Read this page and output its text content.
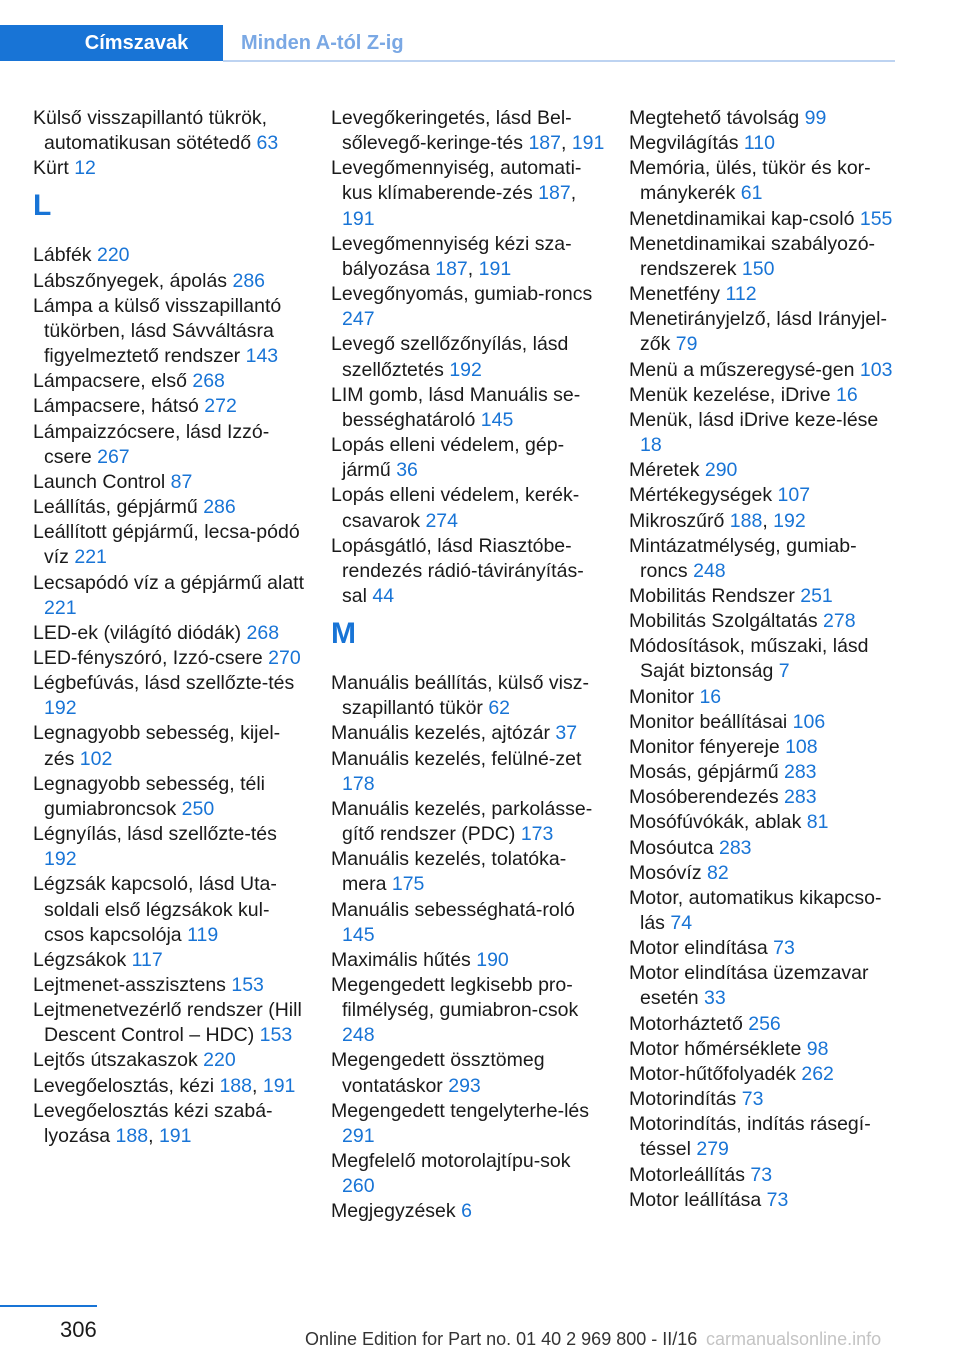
Címszavak	Minden A-tól Z-ig

Külső visszapillantó tükrök, automatikusan sötétedő 63

Kürt 12

L

Lábfék 220

Lábszőnyegek, ápolás 286

Lámpa a külső visszapillantó tükörben, lásd Sávváltásra figyelmeztető rendszer 143

Lámpacsere, első 268

Lámpacsere, hátsó 272

Lámpaizzócsere, lásd Izzó‐csere 267

Launch Control 87

Leállítás, gépjármű 286

Leállított gépjármű, lecsa‐pódó víz 221

Lecsapódó víz a gépjármű alatt 221

LED-ek (világító diódák) 268

LED-fényszóró, Izzó‐csere 270

Légbefúvás, lásd szellőzte‐tés 192

Legnagyobb sebesség, kijel‐zés 102

Legnagyobb sebesség, téli gumiabroncsok 250

Légnyílás, lásd szellőzte‐tés 192

Légzsák kapcsoló, lásd Uta‐soldali első légzsákok kul‐csos kapcsolója 119

Légzsákok 117

Lejtmenet-asszisztens 153

Lejtmenetvezérlő rendszer (Hill Descent Control – HDC) 153

Lejtős útszakaszok 220

Levegőelosztás, kézi 188, 191

Levegőelosztás kézi szabá‐lyozása 188, 191

Levegőkeringetés, lásd Bel‐sőlevegő-keringe‐tés 187, 191

Levegőmennyiség, automati‐kus klímaberende‐zés 187, 191

Levegőmennyiség kézi sza‐bályozása 187, 191

Levegőnyomás, gumiab‐roncs 247

Levegő szellőzőnyílás, lásd szellőztetés 192

LIM gomb, lásd Manuális se‐bességhatároló 145

Lopás elleni védelem, gép‐jármű 36

Lopás elleni védelem, kerék‐csavarok 274

Lopásgátló, lásd Riasztóbe‐rendezés rádió-távirányítás‐sal 44

M

Manuális beállítás, külső visz‐szapillantó tükör 62

Manuális kezelés, ajtózár 37

Manuális kezelés, felülné‐zet 178

Manuális kezelés, parkolásse‐gítő rendszer (PDC) 173

Manuális kezelés, tolatóka‐mera 175

Manuális sebességhatá‐roló 145

Maximális hűtés 190

Megengedett legkisebb pro‐filmélység, gumiabron‐csok 248

Megengedett össztömeg vontatáskor 293

Megengedett tengelyterhe‐lés 291

Megfelelő motorolajtípu‐sok 260

Megjegyzések 6

Megtehető távolság 99

Megvilágítás 110

Memória, ülés, tükör és kor‐mánykerék 61

Menetdinamikai kap‐csoló 155

Menetdinamikai szabályozó‐rendszerek 150

Menetfény 112

Menetirányjelző, lásd Irányjel‐zők 79

Menü a műszeregysé‐gen 103

Menük kezelése, iDrive 16

Menük, lásd iDrive keze‐lése 18

Méretek 290

Mértékegységek 107

Mikroszűrő 188, 192

Mintázatmélység, gumiab‐roncs 248

Mobilitás Rendszer 251

Mobilitás Szolgáltatás 278

Módosítások, műszaki, lásd Saját biztonság 7

Monitor 16

Monitor beállításai 106

Monitor fényereje 108

Mosás, gépjármű 283

Mosóberendezés 283

Mosófúvókák, ablak 81

Mosóutca 283

Mosóvíz 82

Motor, automatikus kikapcso‐lás 74

Motor elindítása 73

Motor elindítása üzemzavar esetén 33

Motorháztető 256

Motor hőmérséklete 98

Motor-hűtőfolyadék 262

Motorindítás 73

Motorindítás, indítás rásegí‐téssel 279

Motorleállítás 73

Motor leállítása 73

306	Online Edition for Part no. 01 40 2 969 800 - II/16 carmanualsonline.info
